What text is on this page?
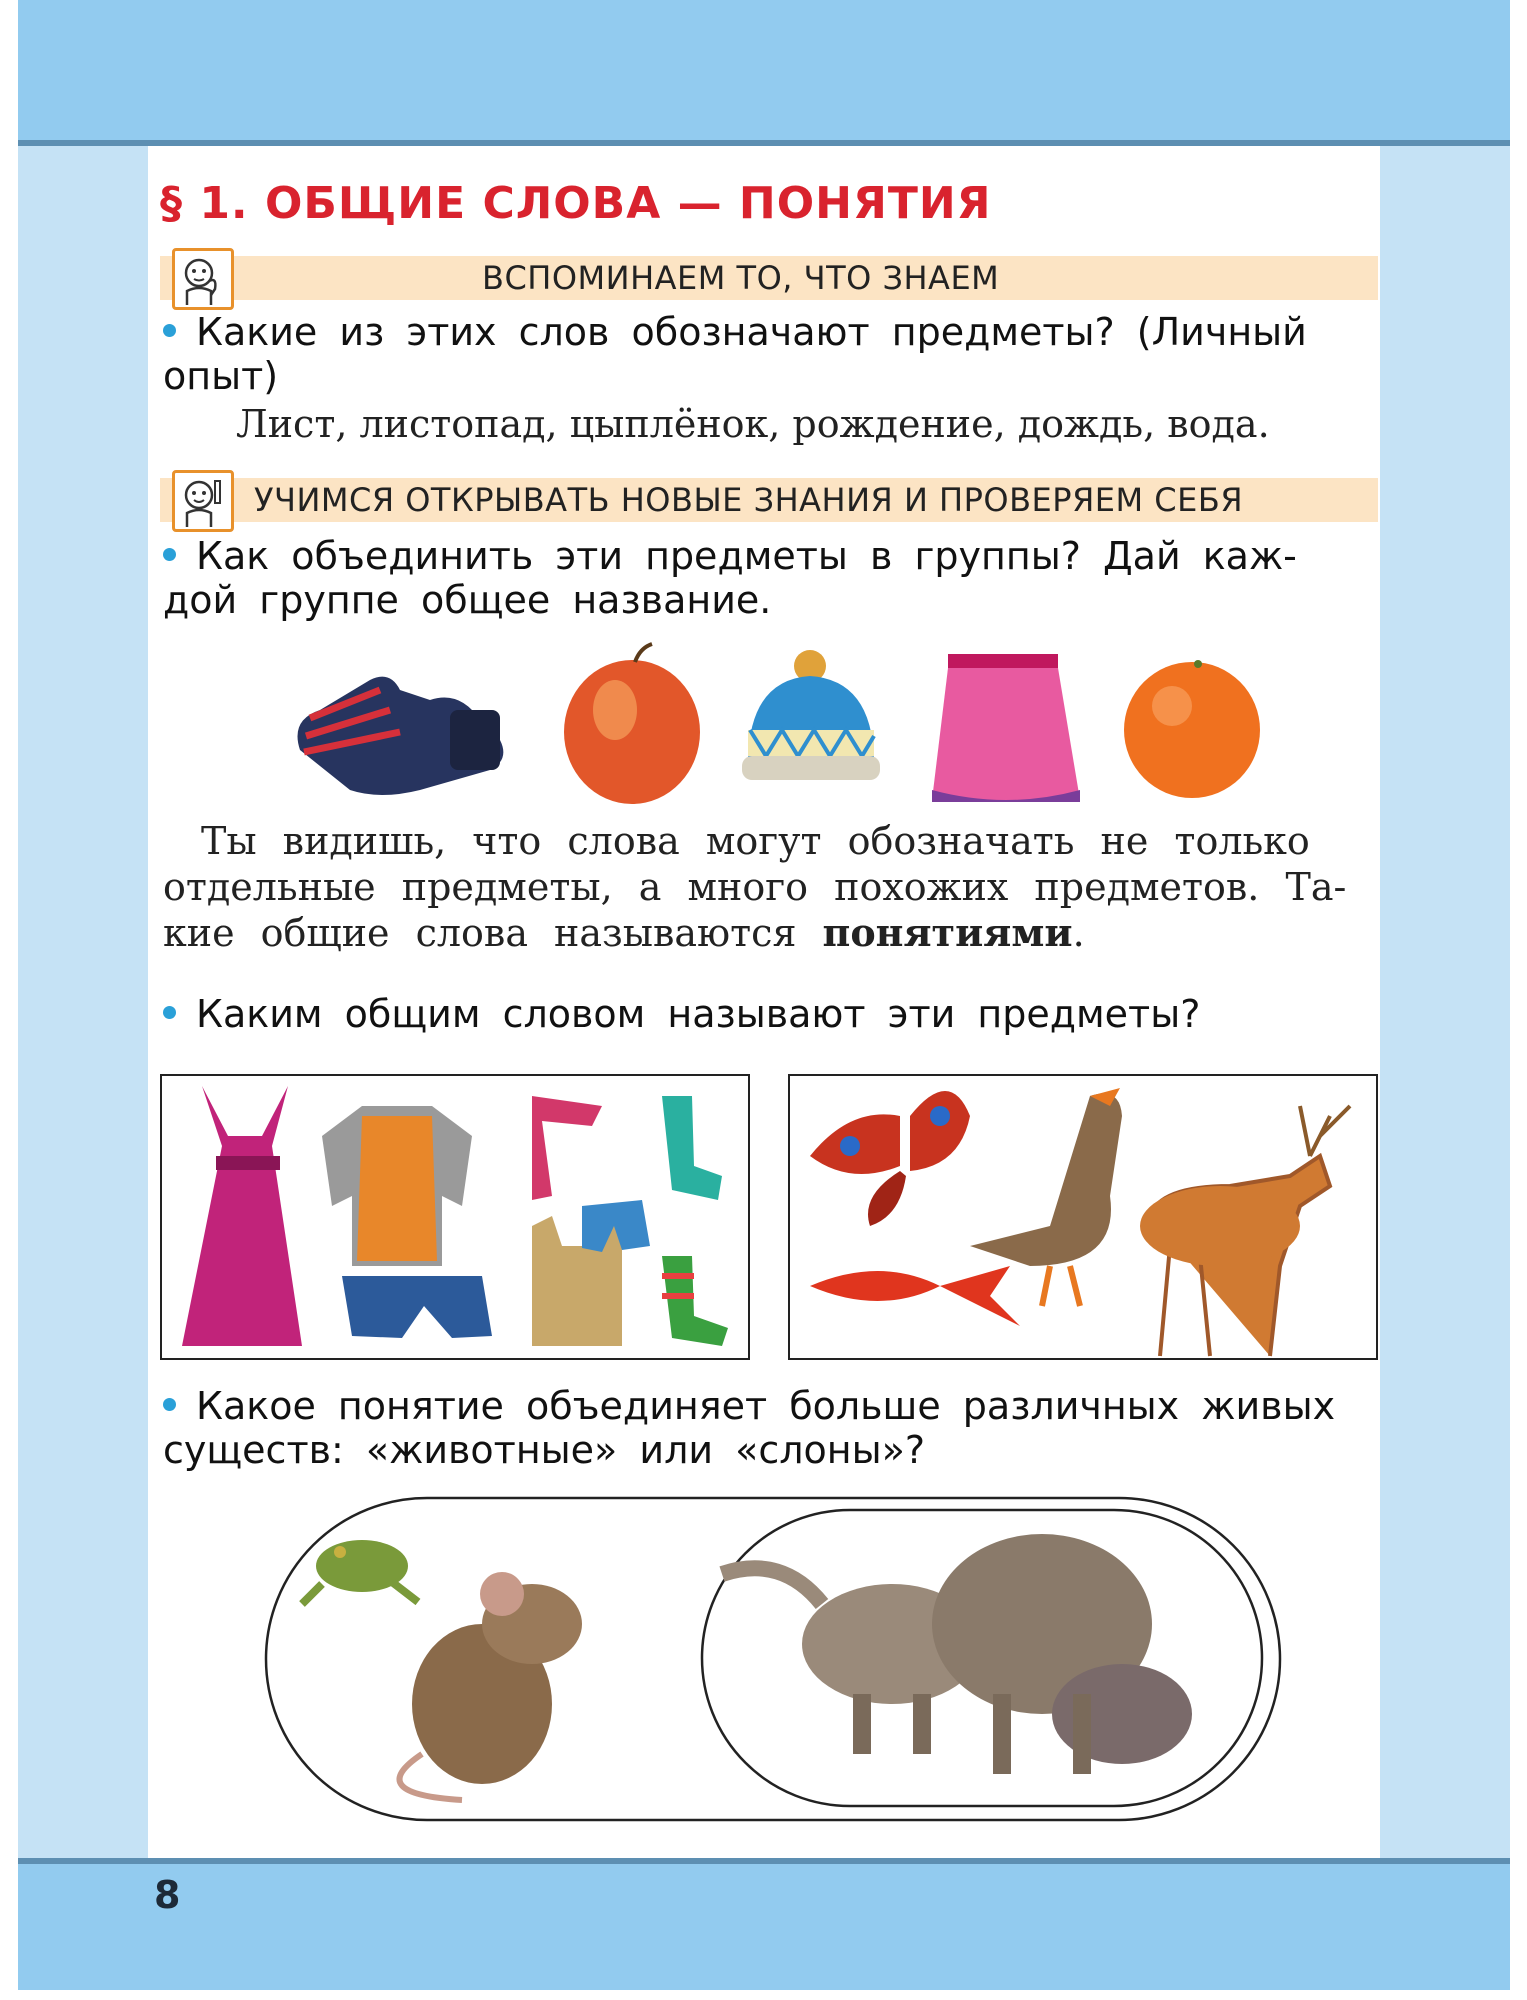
§ 1. ОБЩИЕ СЛОВА — ПОНЯТИЯ
ВСПОМИНАЕМ ТО, ЧТО ЗНАЕМ
Какие из этих слов обозначают предметы? (Личный
опыт)
Лист, листопад, цыплёнок, рождение, дождь, вода.
УЧИМСЯ ОТКРЫВАТЬ НОВЫЕ ЗНАНИЯ И ПРОВЕРЯЕМ СЕБЯ
Как объединить эти предметы в группы? Дай каж-
дой группе общее название.
Ты видишь, что слова могут обозначать не только
отдельные предметы, а много похожих предметов. Та-
кие общие слова называются понятиями.
Каким общим словом называют эти предметы?
Какое понятие объединяет больше различных живых
существ: «животные» или «слоны»?
8
